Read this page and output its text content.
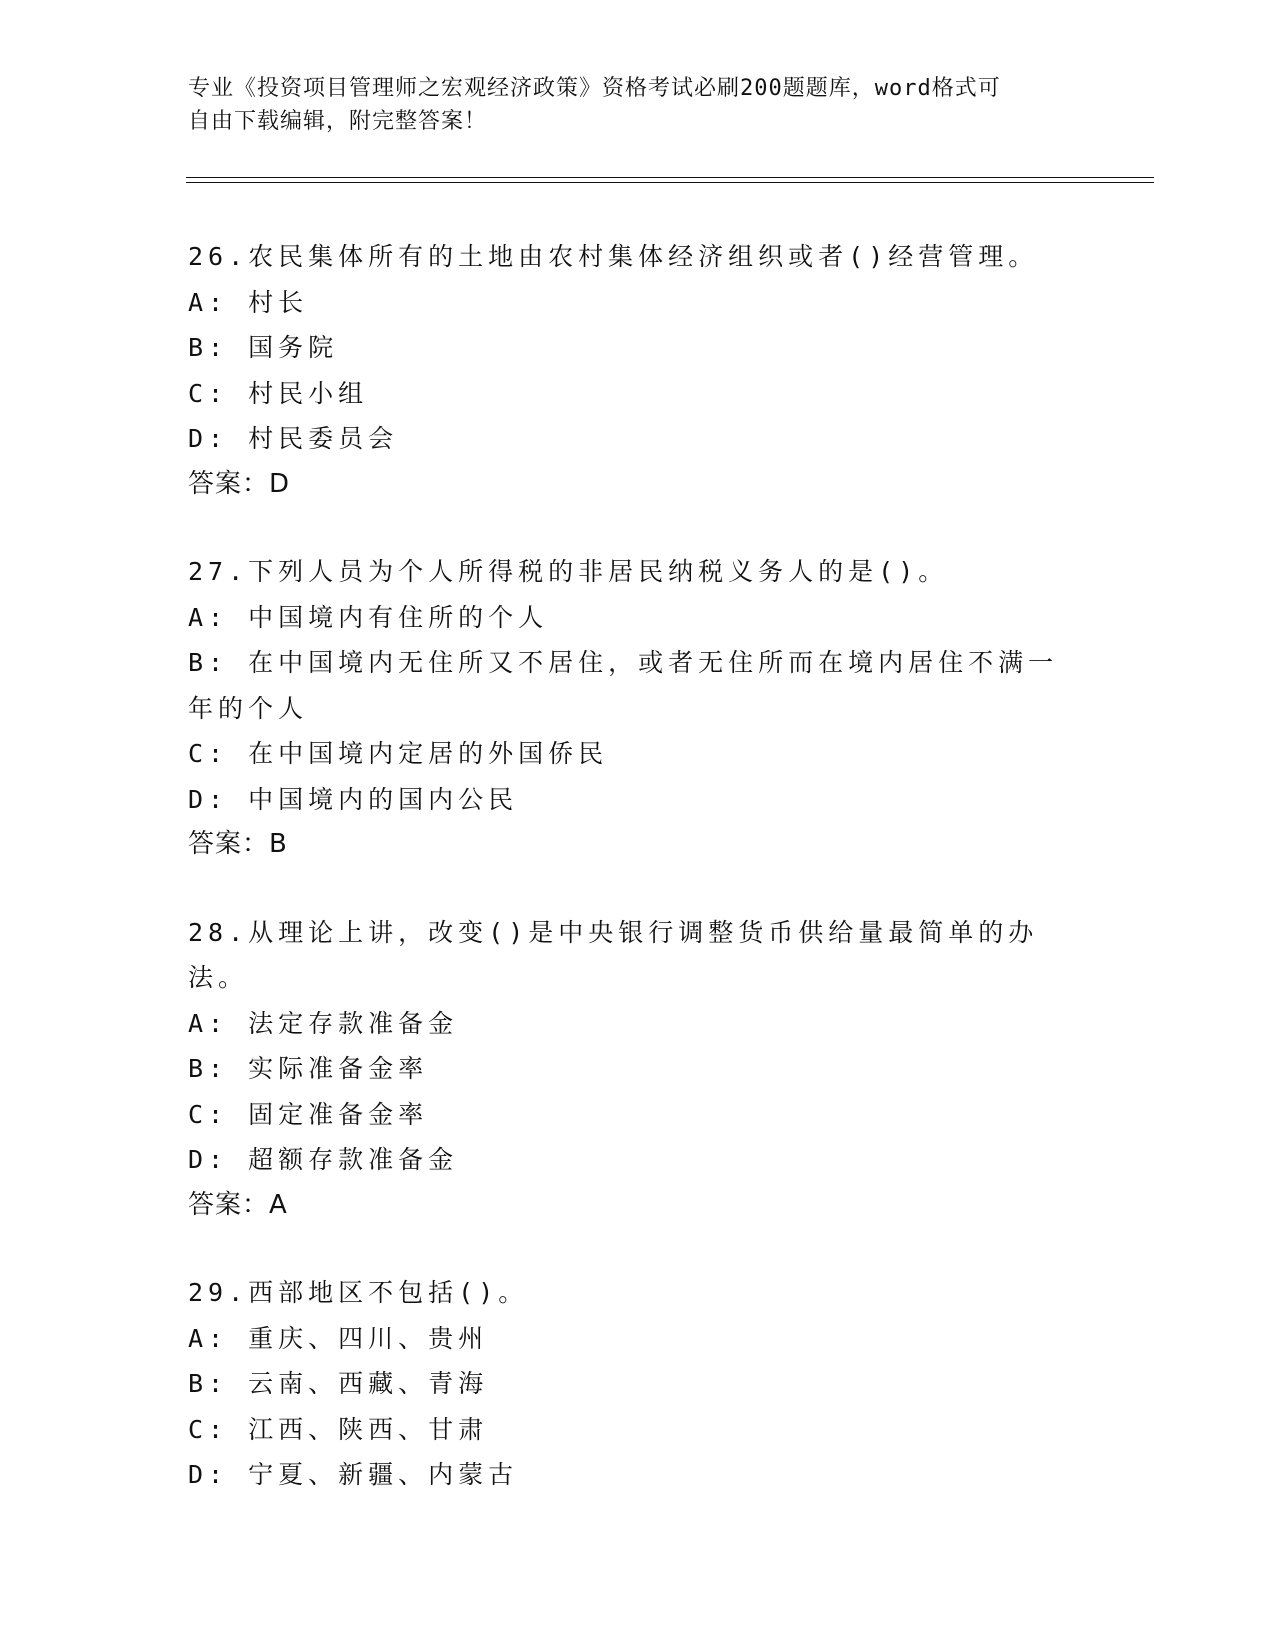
专业《投资项目管理师之宏观经济政策》资格考试必刷200题题库，word格式可
自由下载编辑，附完整答案！
26.农民集体所有的土地由农村集体经济组织或者()经营管理。
A: 村长
B: 国务院
C: 村民小组
D: 村民委员会
答案：D
27.下列人员为个人所得税的非居民纳税义务人的是()。
A: 中国境内有住所的个人
B: 在中国境内无住所又不居住，或者无住所而在境内居住不满一年的个人
C: 在中国境内定居的外国侨民
D: 中国境内的国内公民
答案：B
28.从理论上讲，改变()是中央银行调整货币供给量最简单的办法。
A: 法定存款准备金
B: 实际准备金率
C: 固定准备金率
D: 超额存款准备金
答案：A
29.西部地区不包括()。
A: 重庆、四川、贵州
B: 云南、西藏、青海
C: 江西、陕西、甘肃
D: 宁夏、新疆、内蒙古
